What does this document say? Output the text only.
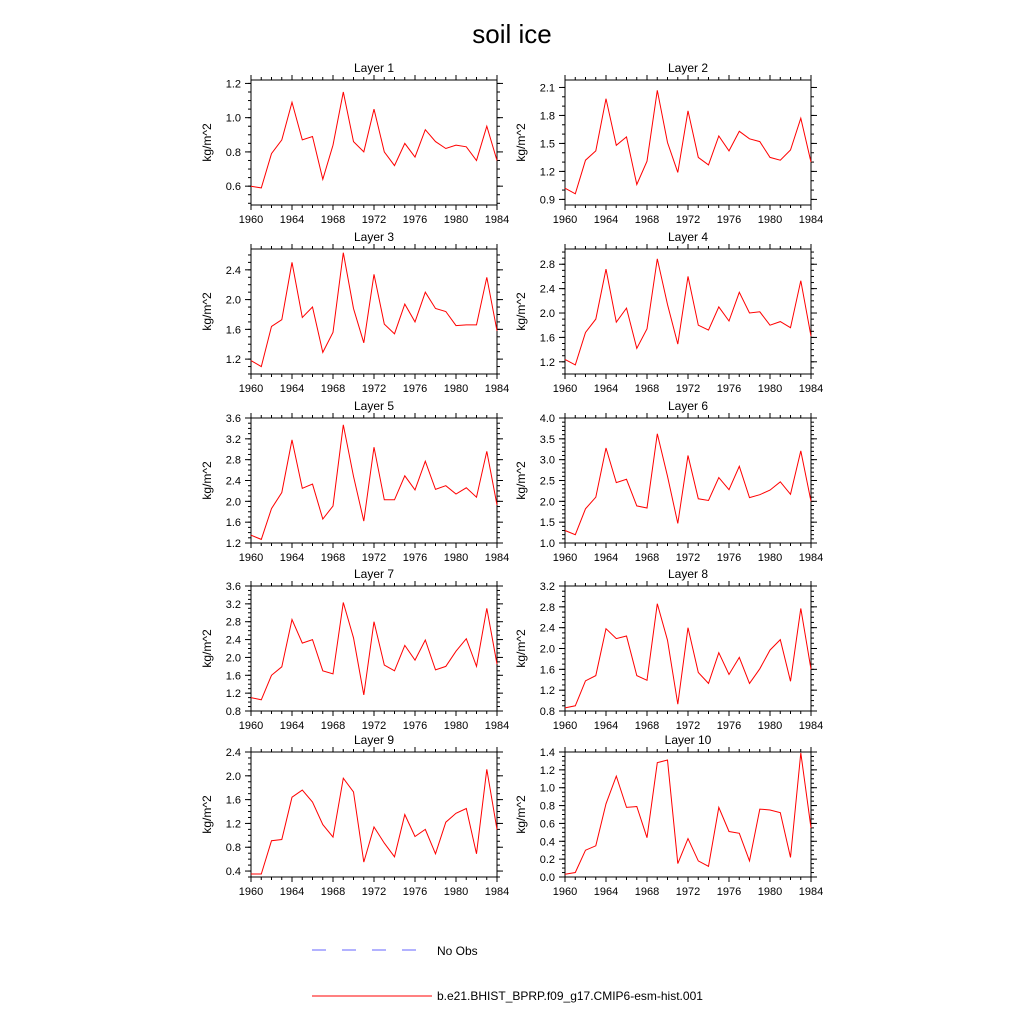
soil ice
Layer 1
1960 1964 1968 1972 1976 1980 1984
0.6
0.8
1.0
1.2
kg/m^2
Layer 2
1960 1964 1968 1972 1976 1980 1984
0.9
1.2
1.5
1.8
2.1
kg/m^2
Layer 3
1960 1964 1968 1972 1976 1980 1984
1.2
1.6
2.0
2.4
kg/m^2
Layer 4
1960 1964 1968 1972 1976 1980 1984
1.2
1.6
2.0
2.4
2.8
kg/m^2
Layer 5
1960 1964 1968 1972 1976 1980 1984
1.2
1.6
2.0
2.4
2.8
3.2
3.6
kg/m^2
Layer 6
1960 1964 1968 1972 1976 1980 1984
1.0
1.5
2.0
2.5
3.0
3.5
4.0
kg/m^2
Layer 7
1960 1964 1968 1972 1976 1980 1984
0.8
1.2
1.6
2.0
2.4
2.8
3.2
3.6
kg/m^2
Layer 8
1960 1964 1968 1972 1976 1980 1984
0.8
1.2
1.6
2.0
2.4
2.8
3.2
kg/m^2
Layer 9
1960 1964 1968 1972 1976 1980 1984
0.4
0.8
1.2
1.6
2.0
2.4
kg/m^2
Layer 10
1960 1964 1968 1972 1976 1980 1984
0.0
0.2
0.4
0.6
0.8
1.0
1.2
1.4
kg/m^2
No Obs
b.e21.BHIST_BPRP.f09_g17.CMIP6-esm-hist.001
